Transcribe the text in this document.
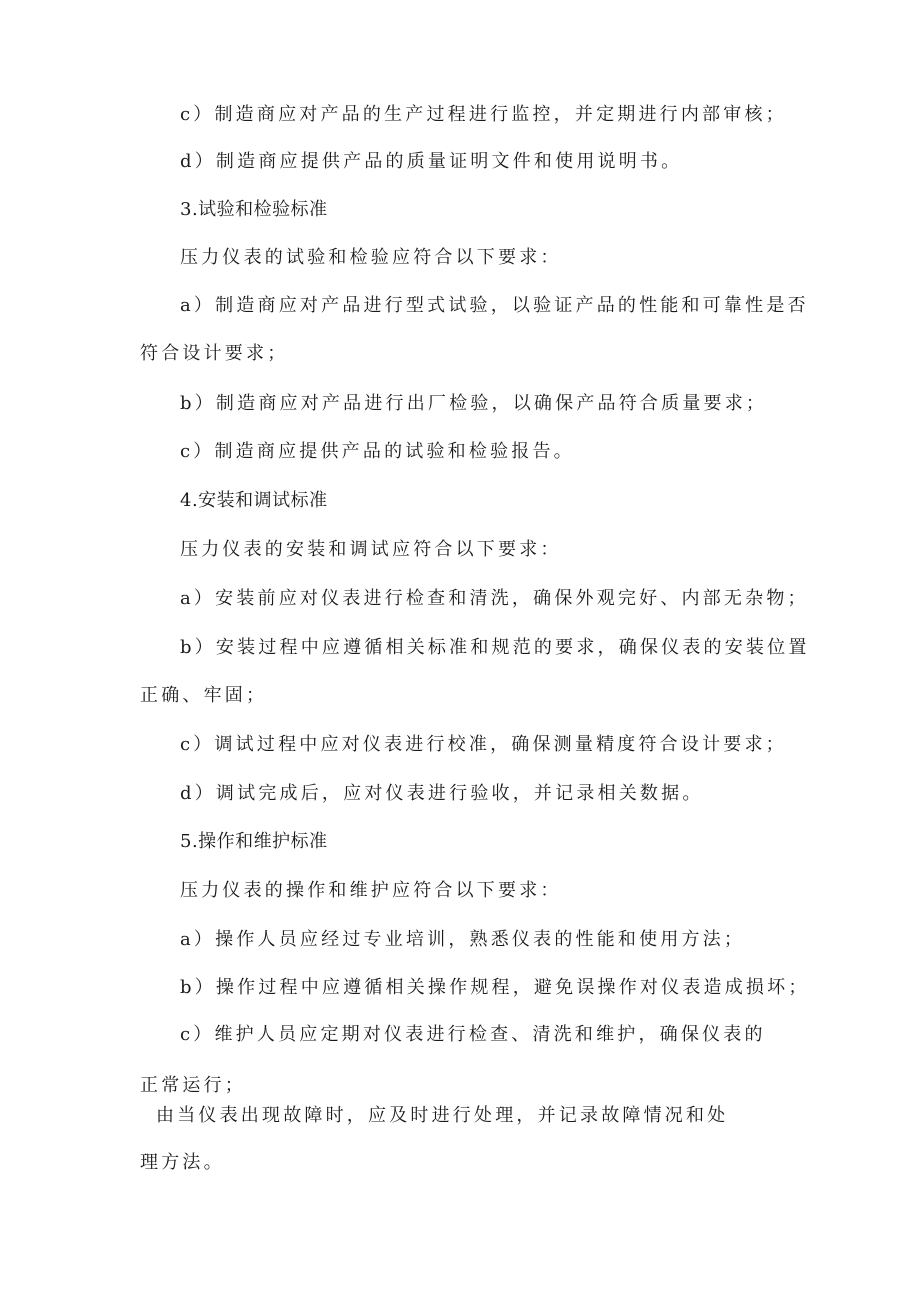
c）制造商应对产品的生产过程进行监控，并定期进行内部审核；
d）制造商应提供产品的质量证明文件和使用说明书。
3.试验和检验标准
压力仪表的试验和检验应符合以下要求：
a）制造商应对产品进行型式试验，以验证产品的性能和可靠性是否
符合设计要求；
b）制造商应对产品进行出厂检验，以确保产品符合质量要求；
c）制造商应提供产品的试验和检验报告。
4.安装和调试标准
压力仪表的安装和调试应符合以下要求：
a）安装前应对仪表进行检查和清洗，确保外观完好、内部无杂物；
b）安装过程中应遵循相关标准和规范的要求，确保仪表的安装位置
正确、牢固；
c）调试过程中应对仪表进行校准，确保测量精度符合设计要求；
d）调试完成后，应对仪表进行验收，并记录相关数据。
5.操作和维护标准
压力仪表的操作和维护应符合以下要求：
a）操作人员应经过专业培训，熟悉仪表的性能和使用方法；
b）操作过程中应遵循相关操作规程，避免误操作对仪表造成损坏；
c）维护人员应定期对仪表进行检查、清洗和维护，确保仪表的
正常运行；
由当仪表出现故障时，应及时进行处理，并记录故障情况和处
理方法。
